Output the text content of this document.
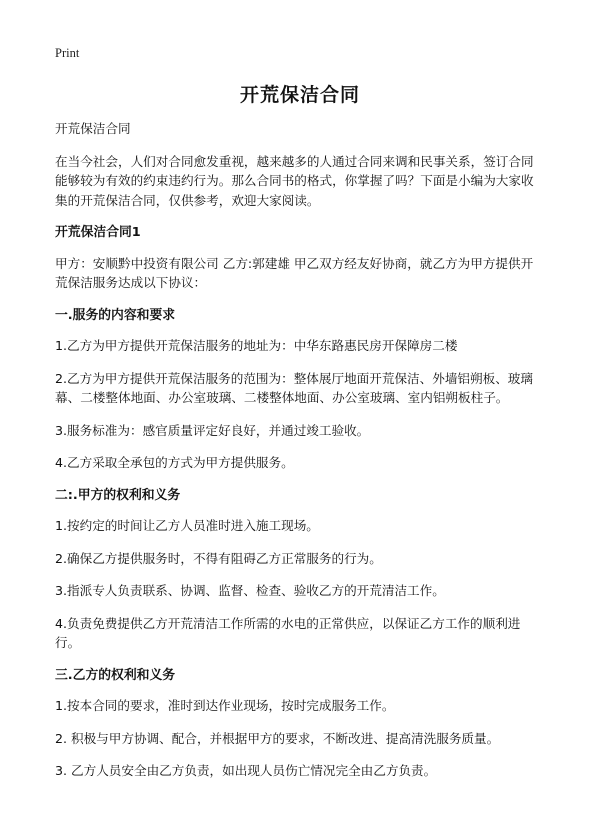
Print
开荒保洁合同

开荒保洁合同

在当今社会，人们对合同愈发重视，越来越多的人通过合同来调和民事关系，签订合同能够较为有效的约束违约行为。那么合同书的格式，你掌握了吗？下面是小编为大家收集的开荒保洁合同，仅供参考，欢迎大家阅读。

开荒保洁合同1

甲方：安顺黔中投资有限公司 乙方:郭建雄 甲乙双方经友好协商，就乙方为甲方提供开荒保洁服务达成以下协议：

一.服务的内容和要求

1.乙方为甲方提供开荒保洁服务的地址为：中华东路惠民房开保障房二楼

2.乙方为甲方提供开荒保洁服务的范围为：整体展厅地面开荒保洁、外墙铝朔板、玻璃幕、二楼整体地面、办公室玻璃、二楼整体地面、办公室玻璃、室内铝朔板柱子。

3.服务标准为：感官质量评定好良好，并通过竣工验收。

4.乙方采取全承包的方式为甲方提供服务。

二:.甲方的权利和义务

1.按约定的时间让乙方人员准时进入施工现场。

2.确保乙方提供服务时，不得有阻碍乙方正常服务的行为。

3.指派专人负责联系、协调、监督、检查、验收乙方的开荒清洁工作。

4.负责免费提供乙方开荒清洁工作所需的水电的正常供应，以保证乙方工作的顺利进行。

三.乙方的权利和义务

1.按本合同的要求，准时到达作业现场，按时完成服务工作。

2. 积极与甲方协调、配合，并根据甲方的要求，不断改进、提高清洗服务质量。

3. 乙方人员安全由乙方负责，如出现人员伤亡情况完全由乙方负责。
